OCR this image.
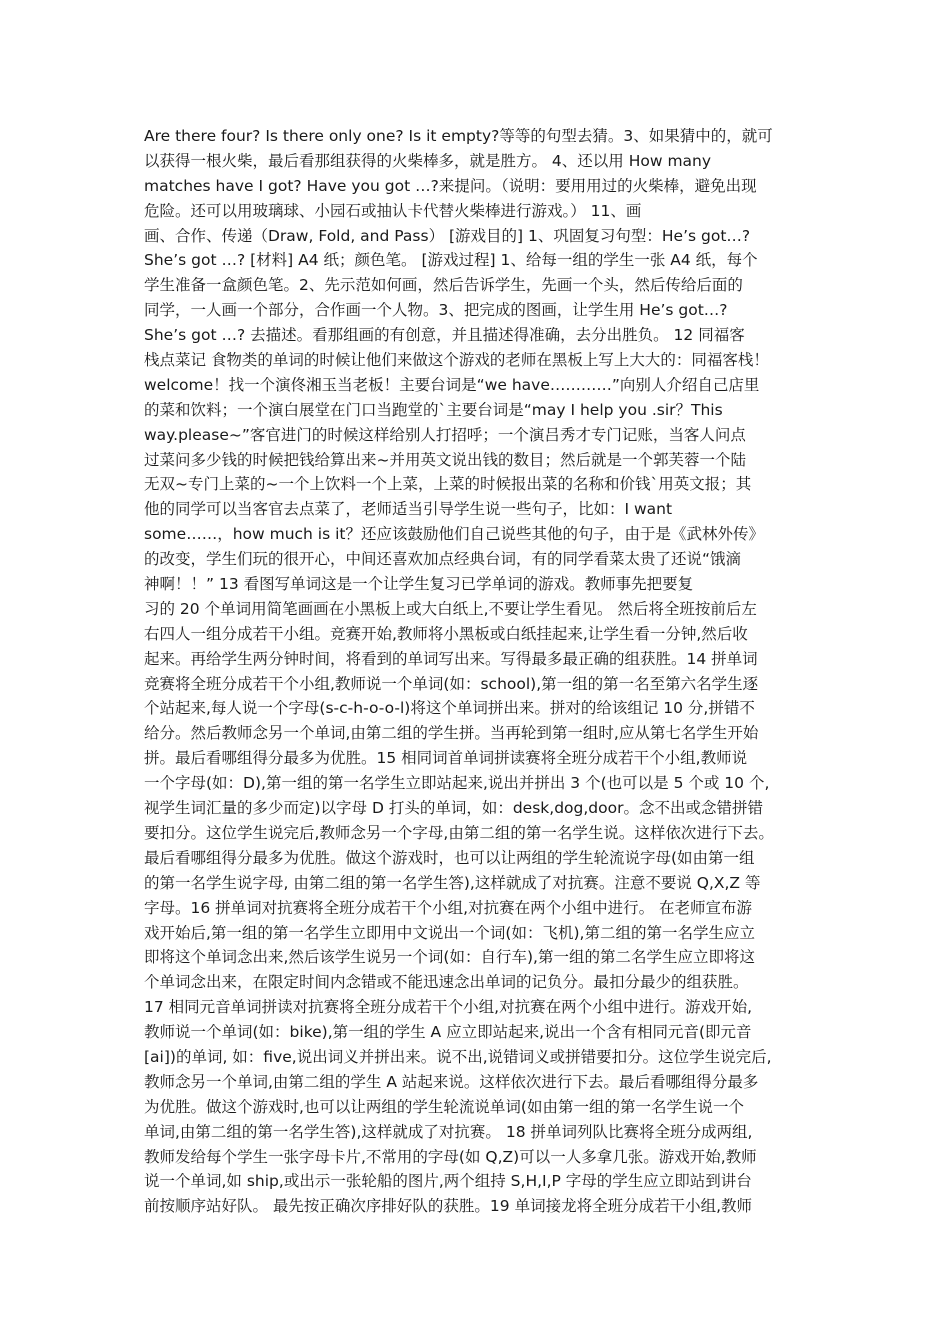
Are there four? Is there only one? Is it empty?等等的句型去猜。3、如果猜中的，就可
以获得一根火柴，最后看那组获得的火柴棒多，就是胜方。 4、还以用 How many
matches have I got? Have you got …?来提问。（说明：要用用过的火柴棒，避免出现
危险。还可以用玻璃球、小园石或抽认卡代替火柴棒进行游戏。） 11、画
画、合作、传递（Draw, Fold, and Pass） [游戏目的] 1、巩固复习句型：He’s got…?
She’s got …? [材料] A4 纸；颜色笔。 [游戏过程] 1、给每一组的学生一张 A4 纸，每个
学生准备一盒颜色笔。2、先示范如何画，然后告诉学生，先画一个头，然后传给后面的
同学，一人画一个部分，合作画一个人物。3、把完成的图画，让学生用 He’s got…?
She’s got …? 去描述。看那组画的有创意，并且描述得准确，去分出胜负。 12 同福客
栈点菜记 食物类的单词的时候让他们来做这个游戏的老师在黑板上写上大大的：同福客栈！
welcome！找一个演佟湘玉当老板！主要台词是“we have…………”向别人介绍自己店里
的菜和饮料；一个演白展堂在门口当跑堂的`主要台词是“may I help you .sir？This
way.please~”客官进门的时候这样给别人打招呼；一个演吕秀才专门记账，当客人问点
过菜问多少钱的时候把钱给算出来~并用英文说出钱的数目；然后就是一个郭芙蓉一个陆
无双~专门上菜的~一个上饮料一个上菜，上菜的时候报出菜的名称和价钱`用英文报；其
他的同学可以当客官去点菜了，老师适当引导学生说一些句子，比如：I want
some……，how much is it？还应该鼓励他们自己说些其他的句子，由于是《武林外传》
的改变，学生们玩的很开心，中间还喜欢加点经典台词，有的同学看菜太贵了还说“饿滴
神啊！！” 13 看图写单词这是一个让学生复习已学单词的游戏。教师事先把要复
习的 20 个单词用简笔画画在小黑板上或大白纸上,不要让学生看见。 然后将全班按前后左
右四人一组分成若干小组。竞赛开始,教师将小黑板或白纸挂起来,让学生看一分钟,然后收
起来。再给学生两分钟时间，将看到的单词写出来。写得最多最正确的组获胜。14 拼单词
竞赛将全班分成若干个小组,教师说一个单词(如：school),第一组的第一名至第六名学生逐
个站起来,每人说一个字母(s-c-h-o-o-l)将这个单词拼出来。拼对的给该组记 10 分,拼错不
给分。然后教师念另一个单词,由第二组的学生拼。当再轮到第一组时,应从第七名学生开始
拼。最后看哪组得分最多为优胜。15 相同词首单词拼读赛将全班分成若干个小组,教师说
一个字母(如：D),第一组的第一名学生立即站起来,说出并拼出 3 个(也可以是 5 个或 10 个,
视学生词汇量的多少而定)以字母 D 打头的单词，如：desk,dog,door。念不出或念错拼错
要扣分。这位学生说完后,教师念另一个字母,由第二组的第一名学生说。这样依次进行下去。
最后看哪组得分最多为优胜。做这个游戏时，也可以让两组的学生轮流说字母(如由第一组
的第一名学生说字母, 由第二组的第一名学生答),这样就成了对抗赛。注意不要说 Q,X,Z 等
字母。16 拼单词对抗赛将全班分成若干个小组,对抗赛在两个小组中进行。 在老师宣布游
戏开始后,第一组的第一名学生立即用中文说出一个词(如：飞机),第二组的第一名学生应立
即将这个单词念出来,然后该学生说另一个词(如：自行车),第一组的第二名学生应立即将这
个单词念出来，在限定时间内念错或不能迅速念出单词的记负分。最扣分最少的组获胜。
17 相同元音单词拼读对抗赛将全班分成若干个小组,对抗赛在两个小组中进行。游戏开始,
教师说一个单词(如：bike),第一组的学生 A 应立即站起来,说出一个含有相同元音(即元音
[ai])的单词, 如：five,说出词义并拼出来。说不出,说错词义或拼错要扣分。这位学生说完后,
教师念另一个单词,由第二组的学生 A 站起来说。这样依次进行下去。最后看哪组得分最多
为优胜。做这个游戏时,也可以让两组的学生轮流说单词(如由第一组的第一名学生说一个
单词,由第二组的第一名学生答),这样就成了对抗赛。 18 拼单词列队比赛将全班分成两组,
教师发给每个学生一张字母卡片,不常用的字母(如 Q,Z)可以一人多拿几张。游戏开始,教师
说一个单词,如 ship,或出示一张轮船的图片,两个组持 S,H,I,P 字母的学生应立即站到讲台
前按顺序站好队。 最先按正确次序排好队的获胜。19 单词接龙将全班分成若干小组,教师
